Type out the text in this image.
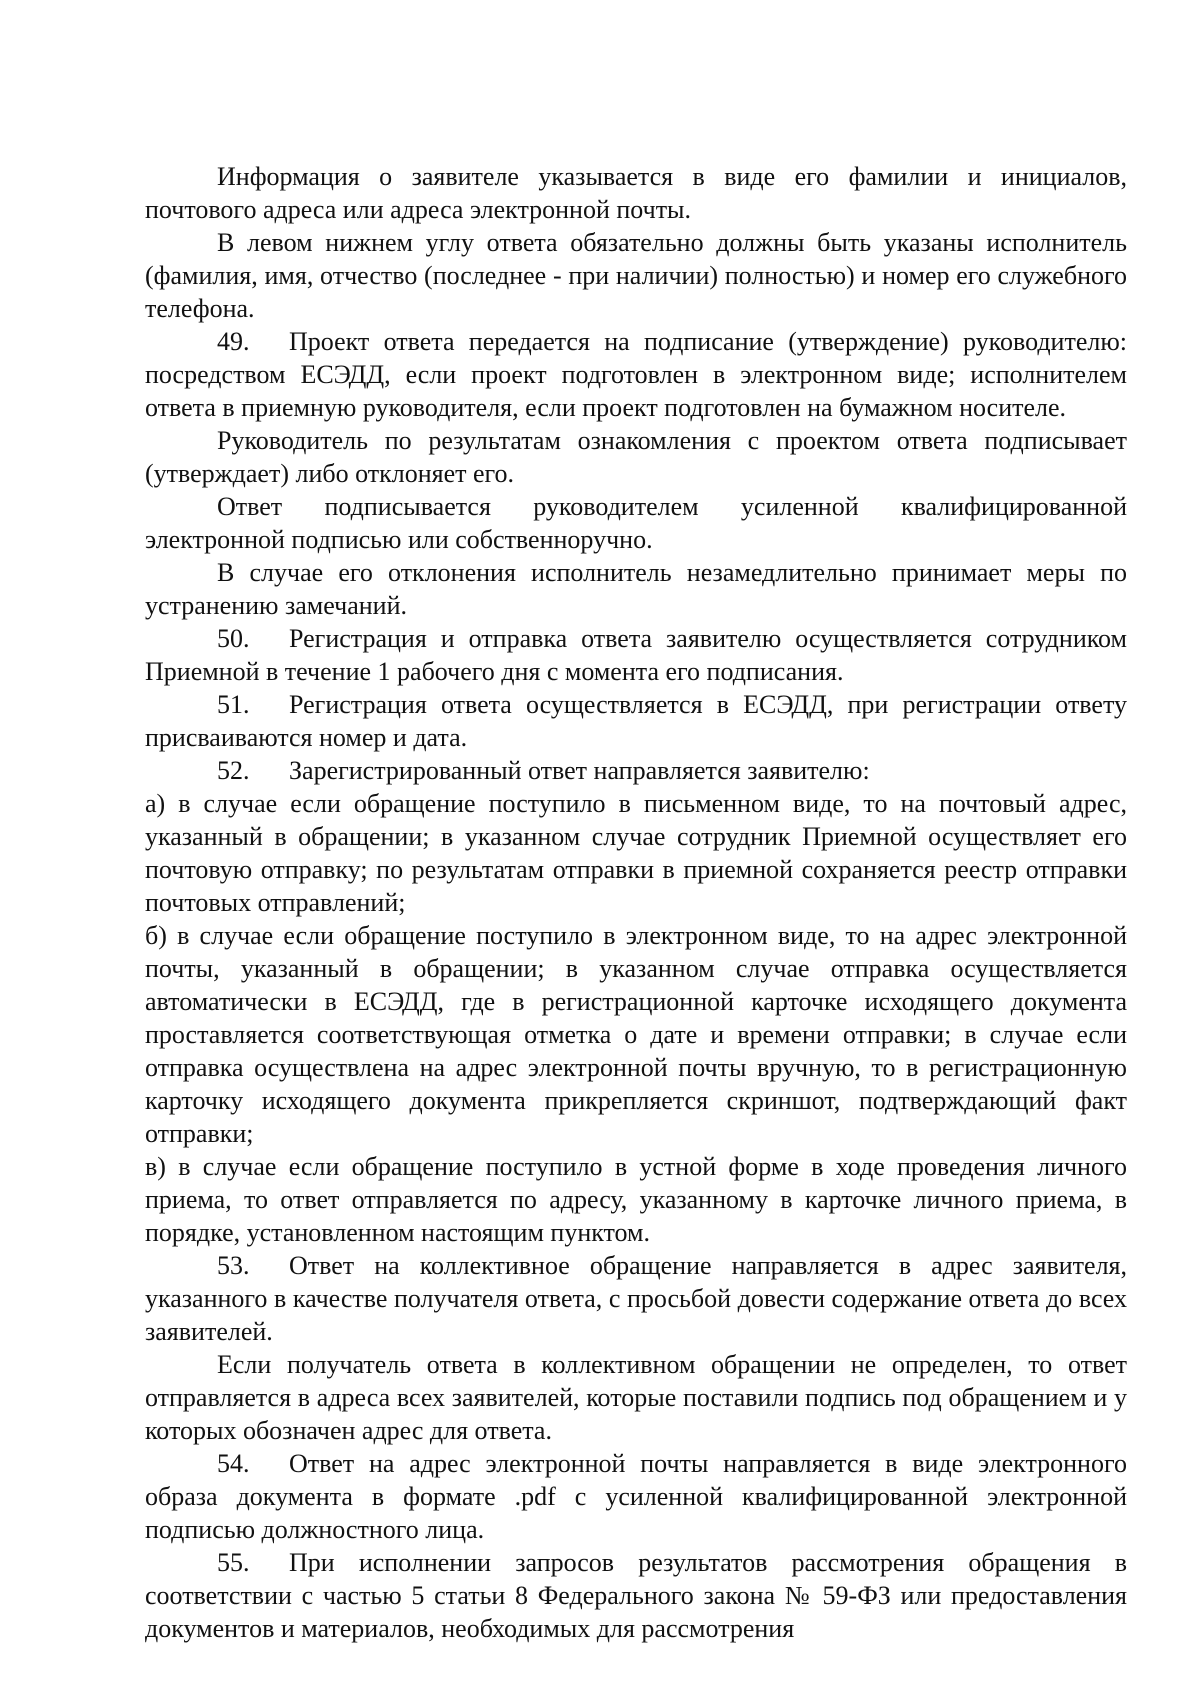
Информация о заявителе указывается в виде его фамилии и инициалов, почтового адреса или адреса электронной почты.

В левом нижнем углу ответа обязательно должны быть указаны исполнитель (фамилия, имя, отчество (последнее - при наличии) полностью) и номер его служебного телефона.

49. Проект ответа передается на подписание (утверждение) руководителю: посредством ЕСЭДД, если проект подготовлен в электронном виде; исполнителем ответа в приемную руководителя, если проект подготовлен на бумажном носителе.

Руководитель по результатам ознакомления с проектом ответа подписывает (утверждает) либо отклоняет его.

Ответ подписывается руководителем усиленной квалифицированной электронной подписью или собственноручно.

В случае его отклонения исполнитель незамедлительно принимает меры по устранению замечаний.

50. Регистрация и отправка ответа заявителю осуществляется сотрудником Приемной в течение 1 рабочего дня с момента его подписания.

51. Регистрация ответа осуществляется в ЕСЭДД, при регистрации ответу присваиваются номер и дата.

52. Зарегистрированный ответ направляется заявителю:

а) в случае если обращение поступило в письменном виде, то на почтовый адрес, указанный в обращении; в указанном случае сотрудник Приемной осуществляет его почтовую отправку; по результатам отправки в приемной сохраняется реестр отправки почтовых отправлений;

б) в случае если обращение поступило в электронном виде, то на адрес электронной почты, указанный в обращении; в указанном случае отправка осуществляется автоматически в ЕСЭДД, где в регистрационной карточке исходящего документа проставляется соответствующая отметка о дате и времени отправки; в случае если отправка осуществлена на адрес электронной почты вручную, то в регистрационную карточку исходящего документа прикрепляется скриншот, подтверждающий факт отправки;

в) в случае если обращение поступило в устной форме в ходе проведения личного приема, то ответ отправляется по адресу, указанному в карточке личного приема, в порядке, установленном настоящим пунктом.

53. Ответ на коллективное обращение направляется в адрес заявителя, указанного в качестве получателя ответа, с просьбой довести содержание ответа до всех заявителей.

Если получатель ответа в коллективном обращении не определен, то ответ отправляется в адреса всех заявителей, которые поставили подпись под обращением и у которых обозначен адрес для ответа.

54. Ответ на адрес электронной почты направляется в виде электронного образа документа в формате .pdf с усиленной квалифицированной электронной подписью должностного лица.

55. При исполнении запросов результатов рассмотрения обращения в соответствии с частью 5 статьи 8 Федерального закона № 59-ФЗ или предоставления документов и материалов, необходимых для рассмотрения
